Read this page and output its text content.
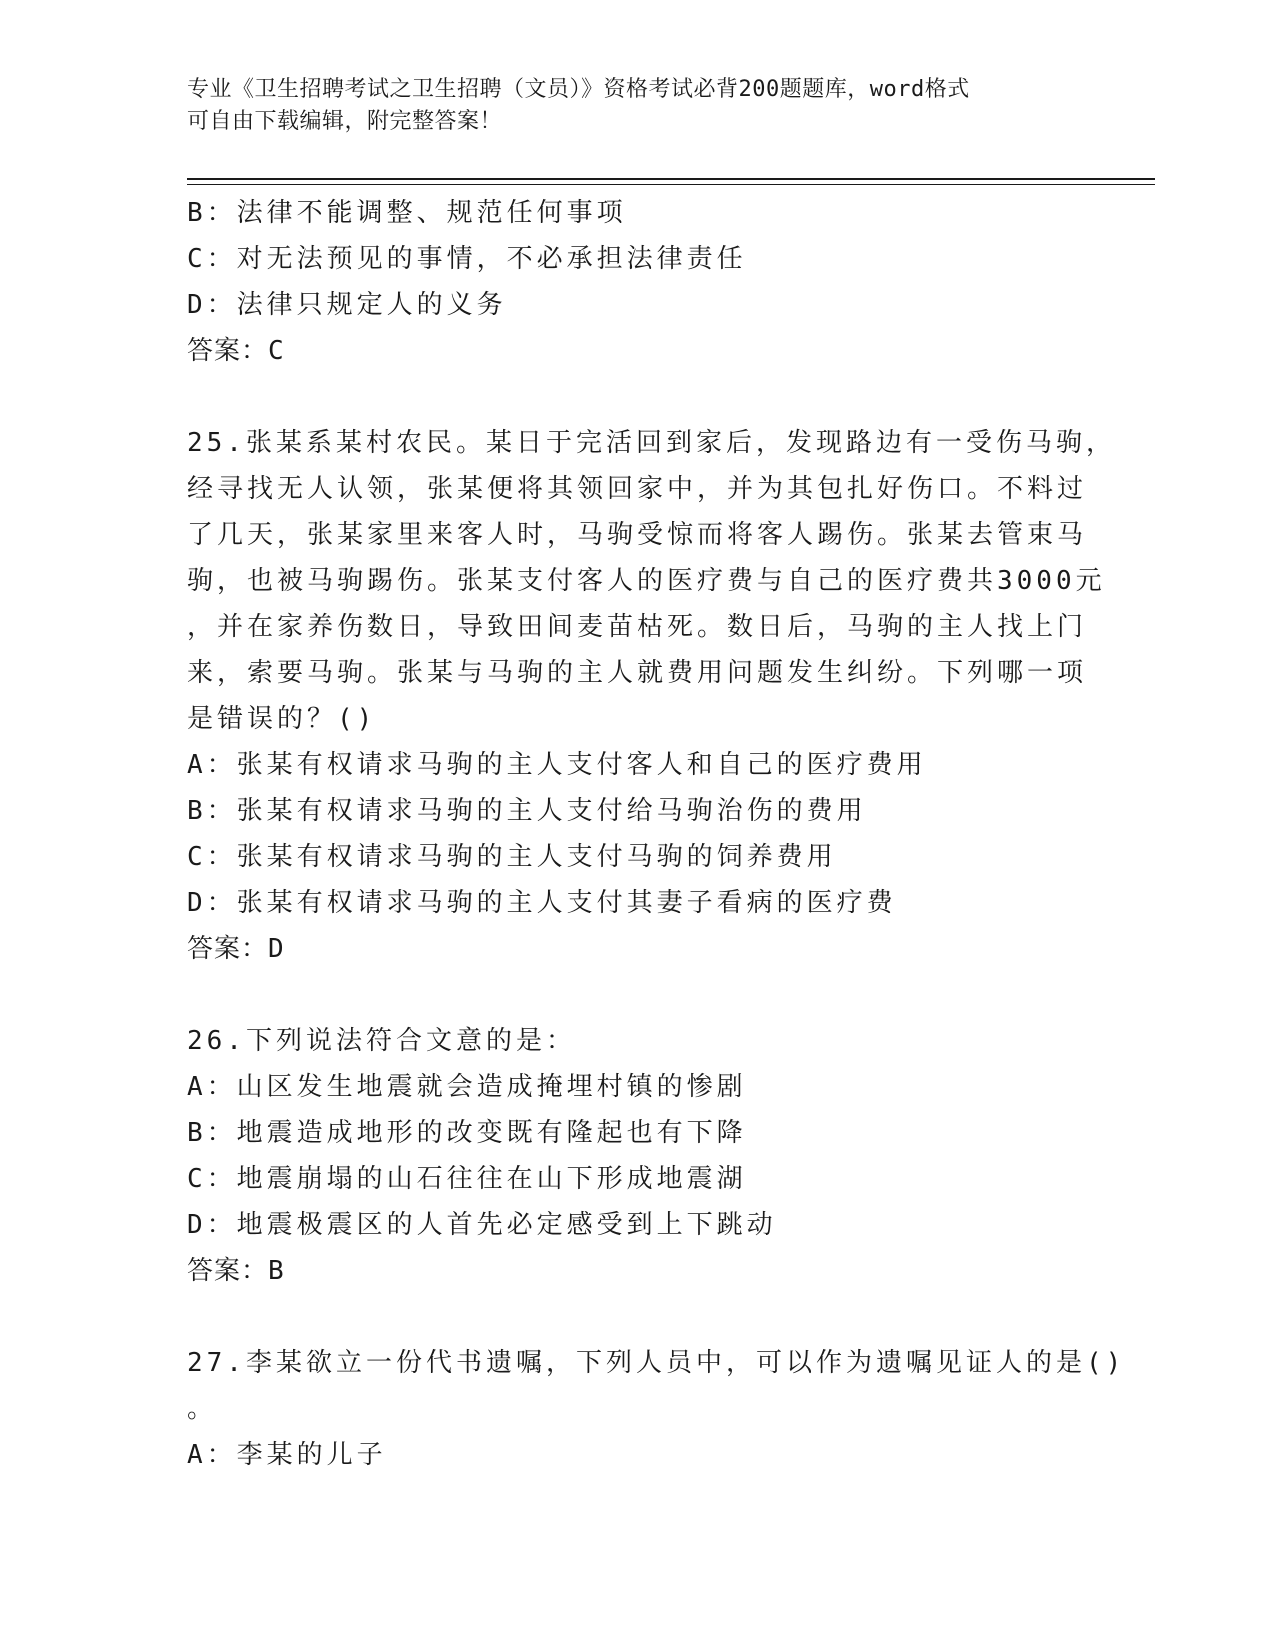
专业《卫生招聘考试之卫生招聘（文员）》资格考试必背200题题库，word格式
可自由下载编辑，附完整答案！
B：法律不能调整、规范任何事项
C：对无法预见的事情，不必承担法律责任
D：法律只规定人的义务
答案：C
25.张某系某村农民。某日于完活回到家后，发现路边有一受伤马驹，
经寻找无人认领，张某便将其领回家中，并为其包扎好伤口。不料过
了几天，张某家里来客人时，马驹受惊而将客人踢伤。张某去管束马
驹，也被马驹踢伤。张某支付客人的医疗费与自己的医疗费共3000元
，并在家养伤数日，导致田间麦苗枯死。数日后，马驹的主人找上门
来，索要马驹。张某与马驹的主人就费用问题发生纠纷。下列哪一项
是错误的？()
A：张某有权请求马驹的主人支付客人和自己的医疗费用
B：张某有权请求马驹的主人支付给马驹治伤的费用
C：张某有权请求马驹的主人支付马驹的饲养费用
D：张某有权请求马驹的主人支付其妻子看病的医疗费
答案：D
26.下列说法符合文意的是：
A：山区发生地震就会造成掩埋村镇的惨剧
B：地震造成地形的改变既有隆起也有下降
C：地震崩塌的山石往往在山下形成地震湖
D：地震极震区的人首先必定感受到上下跳动
答案：B
27.李某欲立一份代书遗嘱，下列人员中，可以作为遗嘱见证人的是()
。
A：李某的儿子
